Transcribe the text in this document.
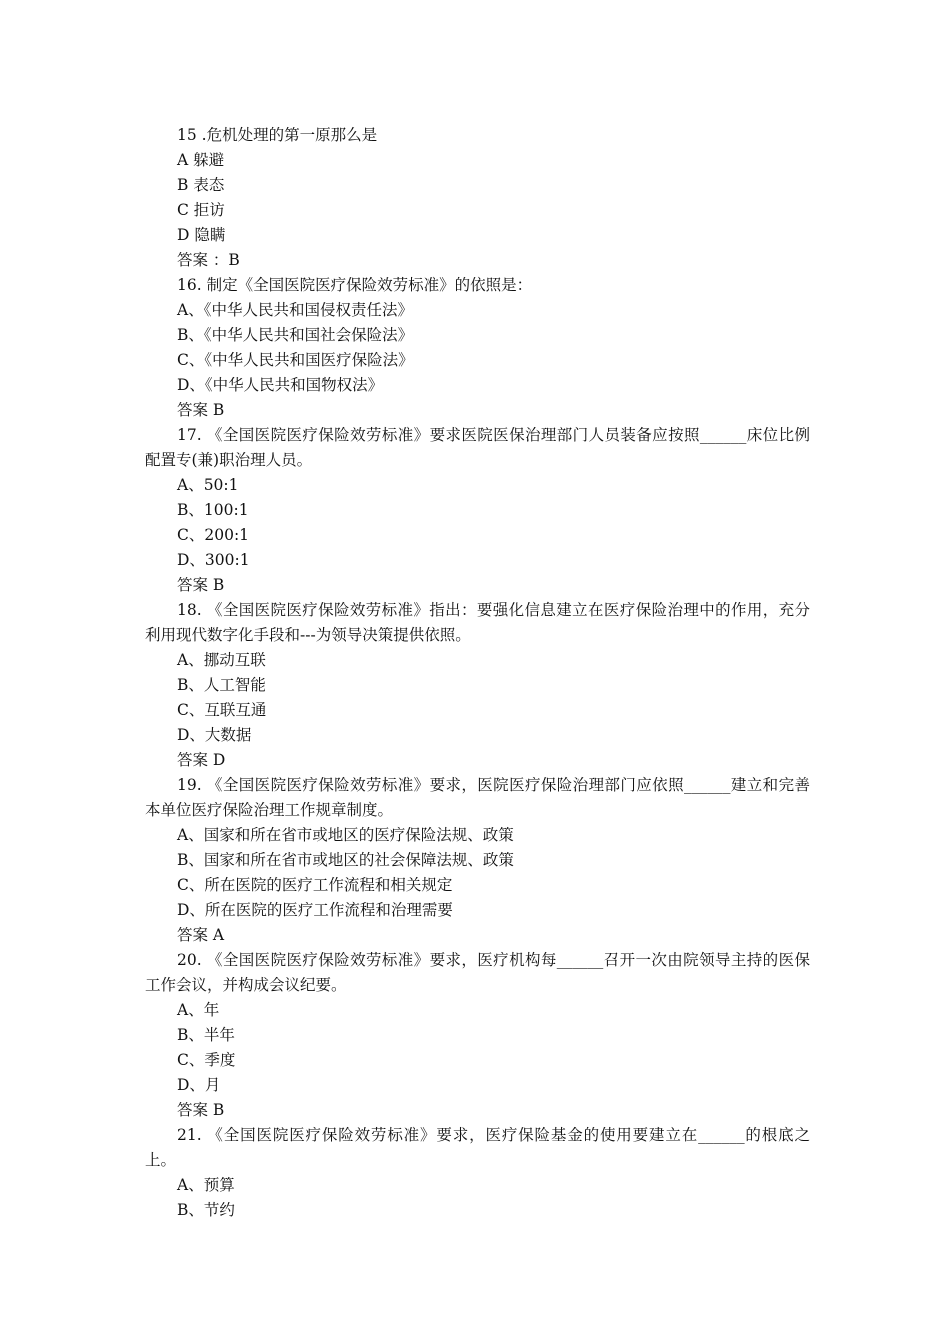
15 .危机处理的第一原那么是
A 躲避
B 表态
C 拒访
D 隐瞒
答案 ：B
16. 制定《全国医院医疗保险效劳标准》的依照是：
A、《中华人民共和国侵权责任法》
B、《中华人民共和国社会保险法》
C、《中华人民共和国医疗保险法》
D、《中华人民共和国物权法》
答案 B
17. 《全国医院医疗保险效劳标准》要求医院医保治理部门人员装备应按照______床位比例配置专(兼)职治理人员。
A、50:1
B、100:1
C、200:1
D、300:1
答案 B
18. 《全国医院医疗保险效劳标准》指出：要强化信息建立在医疗保险治理中的作用，充分利用现代数字化手段和---为领导决策提供依照。
A、挪动互联
B、人工智能
C、互联互通
D、大数据
答案 D
19. 《全国医院医疗保险效劳标准》要求，医院医疗保险治理部门应依照______建立和完善本单位医疗保险治理工作规章制度。
A、国家和所在省市或地区的医疗保险法规、政策
B、国家和所在省市或地区的社会保障法规、政策
C、所在医院的医疗工作流程和相关规定
D、所在医院的医疗工作流程和治理需要
答案 A
20. 《全国医院医疗保险效劳标准》要求，医疗机构每______召开一次由院领导主持的医保工作会议，并构成会议纪要。
A、年
B、半年
C、季度
D、月
答案 B
21. 《全国医院医疗保险效劳标准》要求，医疗保险基金的使用要建立在______的根底之上。
A、预算
B、节约
